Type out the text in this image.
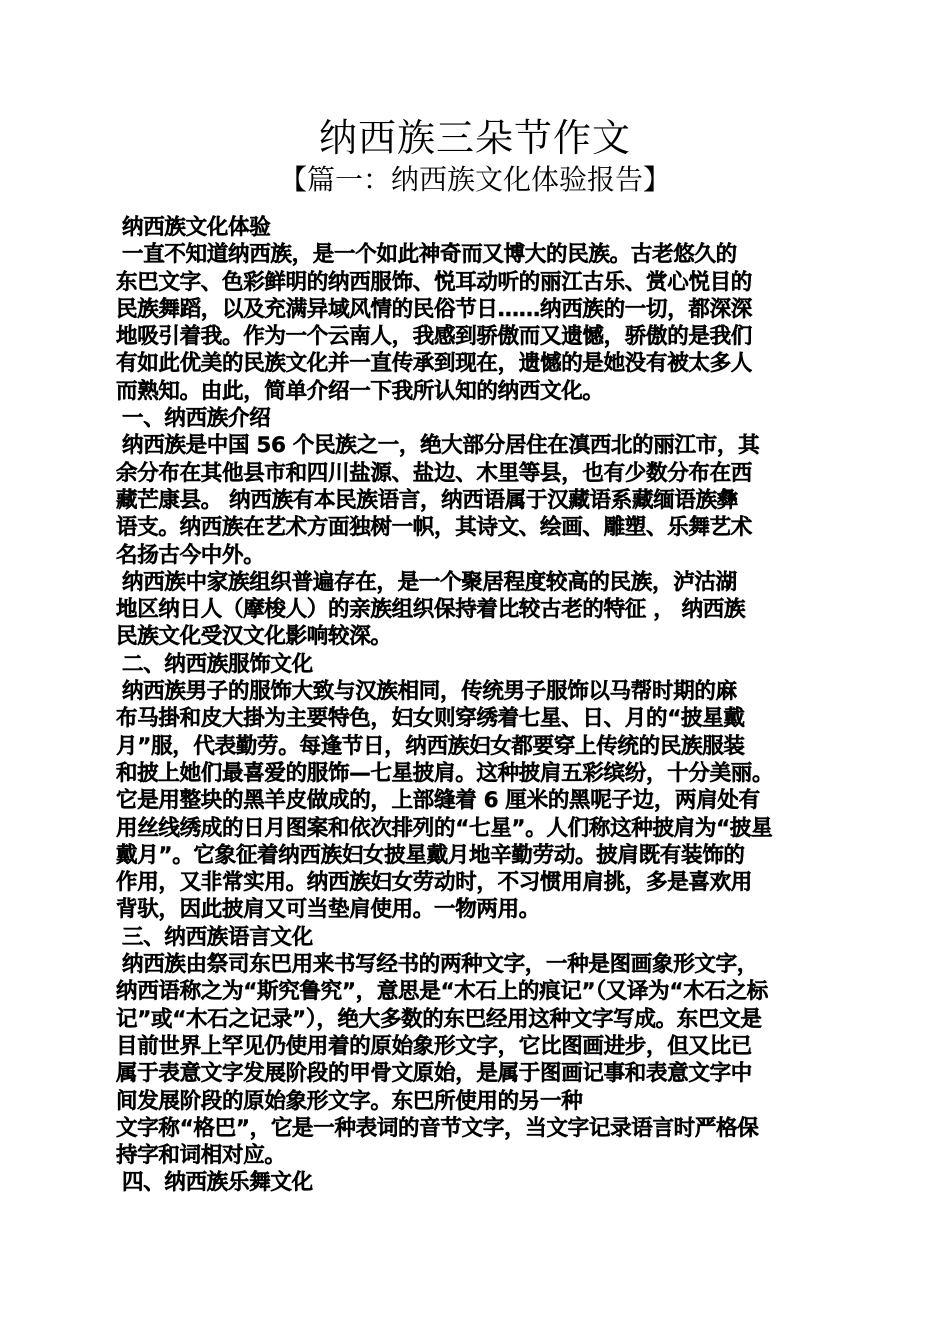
纳西族三朵节作文
【篇一：纳西族文化体验报告】
纳西族文化体验
一直不知道纳西族，是一个如此神奇而又博大的民族。古老悠久的
东巴文字、色彩鲜明的纳西服饰、悦耳动听的丽江古乐、赏心悦目的
民族舞蹈，以及充满异域风情的民俗节日……纳西族的一切，都深深
地吸引着我。作为一个云南人，我感到骄傲而又遗憾，骄傲的是我们
有如此优美的民族文化并一直传承到现在，遗憾的是她没有被太多人
而熟知。由此，简单介绍一下我所认知的纳西文化。
一、纳西族介绍
纳西族是中国 56 个民族之一，绝大部分居住在滇西北的丽江市，其
余分布在其他县市和四川盐源、盐边、木里等县，也有少数分布在西
藏芒康县。 纳西族有本民族语言，纳西语属于汉藏语系藏缅语族彝
语支。纳西族在艺术方面独树一帜，其诗文、绘画、雕塑、乐舞艺术
名扬古今中外。
纳西族中家族组织普遍存在，是一个聚居程度较高的民族，泸沽湖
地区纳日人（摩梭人）的亲族组织保持着比较古老的特征 ， 纳西族
民族文化受汉文化影响较深。
二、纳西族服饰文化
纳西族男子的服饰大致与汉族相同，传统男子服饰以马帮时期的麻
布马掛和皮大掛为主要特色，妇女则穿绣着七星、日、月的“披星戴
月”服，代表勤劳。每逢节日，纳西族妇女都要穿上传统的民族服装
和披上她们最喜爱的服饰—七星披肩。这种披肩五彩缤纷，十分美丽。
它是用整块的黑羊皮做成的，上部缝着 6 厘米的黑呢子边，两肩处有
用丝线绣成的日月图案和依次排列的“七星”。人们称这种披肩为“披星
戴月”。它象征着纳西族妇女披星戴月地辛勤劳动。披肩既有装饰的
作用，又非常实用。纳西族妇女劳动时，不习惯用肩挑，多是喜欢用
背驮，因此披肩又可当垫肩使用。一物两用。
三、纳西族语言文化
纳西族由祭司东巴用来书写经书的两种文字，一种是图画象形文字，
纳西语称之为“斯究鲁究”，意思是“木石上的痕记”（又译为“木石之标
记”或“木石之记录”），绝大多数的东巴经用这种文字写成。东巴文是
目前世界上罕见仍使用着的原始象形文字，它比图画进步，但又比已
属于表意文字发展阶段的甲骨文原始，是属于图画记事和表意文字中
间发展阶段的原始象形文字。东巴所使用的另一种
文字称“格巴”，它是一种表词的音节文字，当文字记录语言时严格保
持字和词相对应。
四、纳西族乐舞文化
